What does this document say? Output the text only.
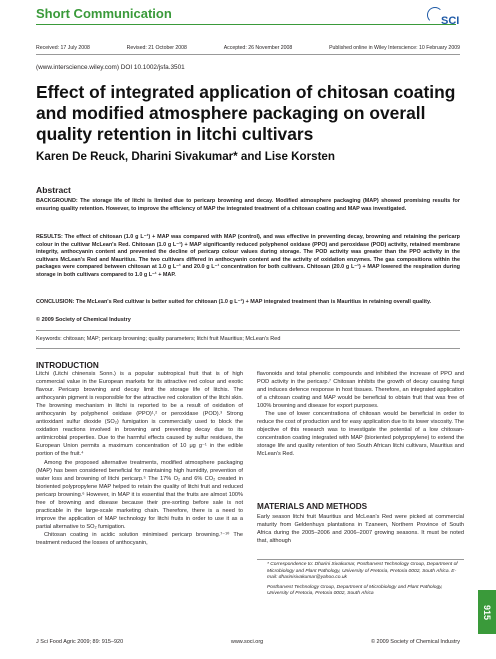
Short Communication	SCI
Received: 17 July 2008	Revised: 21 October 2008	Accepted: 26 November 2008	Published online in Wiley Interscience: 10 February 2009
(www.interscience.wiley.com) DOI 10.1002/jsfa.3501
Effect of integrated application of chitosan coating and modified atmosphere packaging on overall quality retention in litchi cultivars
Karen De Reuck, Dharini Sivakumar* and Lise Korsten
Abstract
BACKGROUND: The storage life of litchi is limited due to pericarp browning and decay. Modified atmosphere packaging (MAP) showed promising results for ensuring quality retention. However, to improve the efficiency of MAP the integrated treatment of a chitosan coating and MAP was investigated.
RESULTS: The effect of chitosan (1.0 g L⁻¹) + MAP was compared with MAP (control), and was effective in preventing decay, browning and retaining the pericarp colour in the cultivar McLean's Red. Chitosan (1.0 g L⁻¹) + MAP significantly reduced polyphenol oxidase (PPO) and peroxidase (POD) activity, retained membrane integrity, anthocyanin content and prevented the decline of pericarp colour values during storage. The POD activity was greater than the PPO activity in the cultivars McLean's Red and Mauritius. The two cultivars differed in anthocyanin content and the activity of oxidation enzymes. The gas compositions within the packages were compared between chitosan at 1.0 g L⁻¹ and 20.0 g L⁻¹ concentration for both cultivars. Chitosan (20.0 g L⁻¹) + MAP lowered the respiration during storage in both cultivars compared to 1.0 g L⁻¹ + MAP.
CONCLUSION: The McLean's Red cultivar is better suited for chitosan (1.0 g L⁻¹) + MAP integrated treatment than is Mauritius in retaining overall quality.
© 2009 Society of Chemical Industry
Keywords: chitosan; MAP; pericarp browning; quality parameters; litchi fruit Mauritius; McLean's Red
INTRODUCTION

Litchi (Litchi chinensis Sonn.) is a popular subtropical fruit that is of high commercial value in the European markets for its attractive red colour and exotic flavour. Pericarp browning and decay limit the storage life of litchis. The anthocyanin pigment is responsible for the attractive red coloration of the litchi skin. The browning mechanism in litchi is reported to be a result of oxidation of anthocyanin by polyphenol oxidase (PPO)¹,² or peroxidase (POD).³ Strong antioxidant sulfur dioxide (SO₂) fumigation is commercially used to block the oxidation reactions involved in browning and preventing decay due to its antimicrobial properties. Due to the harmful effects caused by sulfur residues, the European Union permits a maximum concentration of 10 μg g⁻¹ in the edible portion of the fruit.⁴

Among the proposed alternative treatments, modified atmosphere packaging (MAP) has been considered beneficial for maintaining high humidity, prevention of water loss and browning of litchi pericarp.⁵ The 17% O₂ and 6% CO₂ created in bioriented polypropylene MAP helped to retain the quality of litchi fruit and reduced pericarp browning.⁶ However, in MAP it is essential that the fruits are almost 100% free of browning and disease because their pre-sorting before sale is not practicable in the large-scale marketing chain. Therefore, there is a need to improve the application of MAP technology for litchi fruits in order to use it as a partial alternative to SO₂ fumigation.

Chitosan coating in acidic solution minimised pericarp browning.⁷⁻¹⁰ The treatment reduced the losses of anthocyanin,

flavonoids and total phenolic compounds and inhibited the increase of PPO and POD activity in the pericarp.⁷ Chitosan inhibits the growth of decay causing fungi and induces defence response in host tissues. Therefore, an integrated application of a chitosan coating and MAP would be beneficial to obtain fruit that was free of 100% browning and disease for export purposes.

The use of lower concentrations of chitosan would be beneficial in order to reduce the cost of production and for easy application due to its lower viscosity. The objective of this research was to investigate the potential of a low chitosan-concentration coating integrated with MAP (bioriented polypropylene) to extend the storage life and quality retention of two South African litchi cultivars, Mauritius and McLean's Red.

MATERIALS AND METHODS
Early season litchi fruit Mauritius and McLean's Red were picked at commercial maturity from Geldenhuys plantations in Tzaneen, Northern Province of South Africa during the 2005–2006 and 2006–2007 growing seasons. It must be noted that, although

* Correspondence to: Dharini Sivakumar, Postharvest Technology Group, Department of Microbiology and Plant Pathology, University of Pretoria, Pretoria 0002, South Africa. E-mail: dharinisivakumar@yahoo.co.uk

Postharvest Technology Group, Department of Microbiology and Plant Pathology, University of Pretoria, Pretoria 0002, South Africa

915
J Sci Food Agric 2009; 89: 915–920	www.soci.org	© 2009 Society of Chemical Industry
